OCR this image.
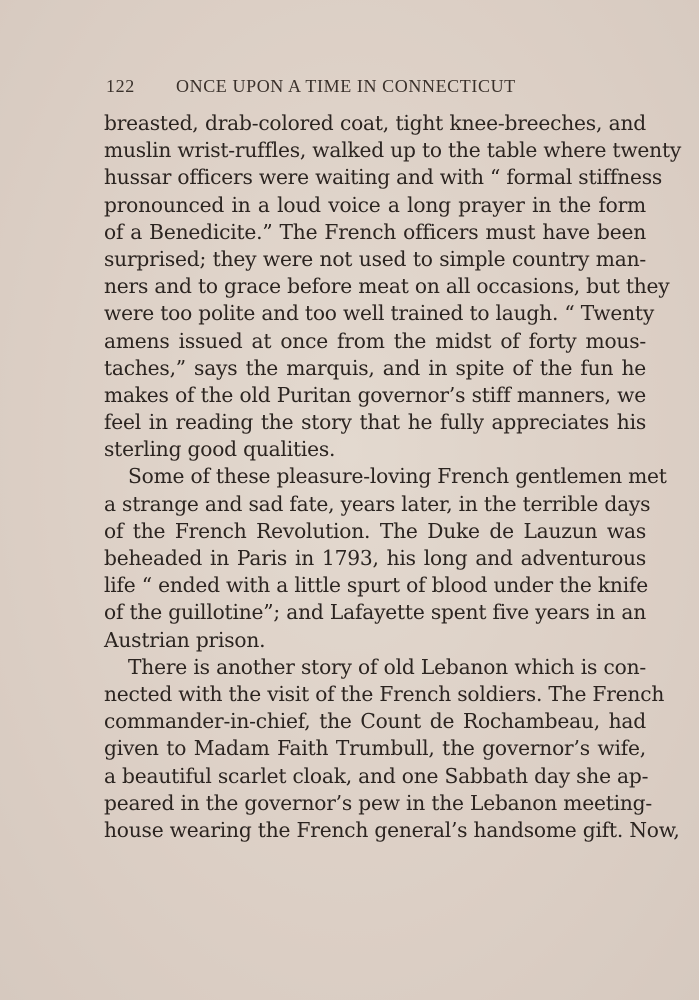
122 ONCE UPON A TIME IN CONNECTICUT
breasted, drab-colored coat, tight knee-breeches, and
muslin wrist-ruffles, walked up to the table where twenty
hussar officers were waiting and with “ formal stiffness
pronounced in a loud voice a long prayer in the form
of a Benedicite.” The French officers must have been
surprised; they were not used to simple country man-
ners and to grace before meat on all occasions, but they
were too polite and too well trained to laugh. “ Twenty
amens issued at once from the midst of forty mous-
taches,” says the marquis, and in spite of the fun he
makes of the old Puritan governor’s stiff manners, we
feel in reading the story that he fully appreciates his
sterling good qualities.
Some of these pleasure-loving French gentlemen met
a strange and sad fate, years later, in the terrible days
of the French Revolution. The Duke de Lauzun was
beheaded in Paris in 1793, his long and adventurous
life “ ended with a little spurt of blood under the knife
of the guillotine”; and Lafayette spent five years in an
Austrian prison.
There is another story of old Lebanon which is con-
nected with the visit of the French soldiers. The French
commander-in-chief, the Count de Rochambeau, had
given to Madam Faith Trumbull, the governor’s wife,
a beautiful scarlet cloak, and one Sabbath day she ap-
peared in the governor’s pew in the Lebanon meeting-
house wearing the French general’s handsome gift. Now,
